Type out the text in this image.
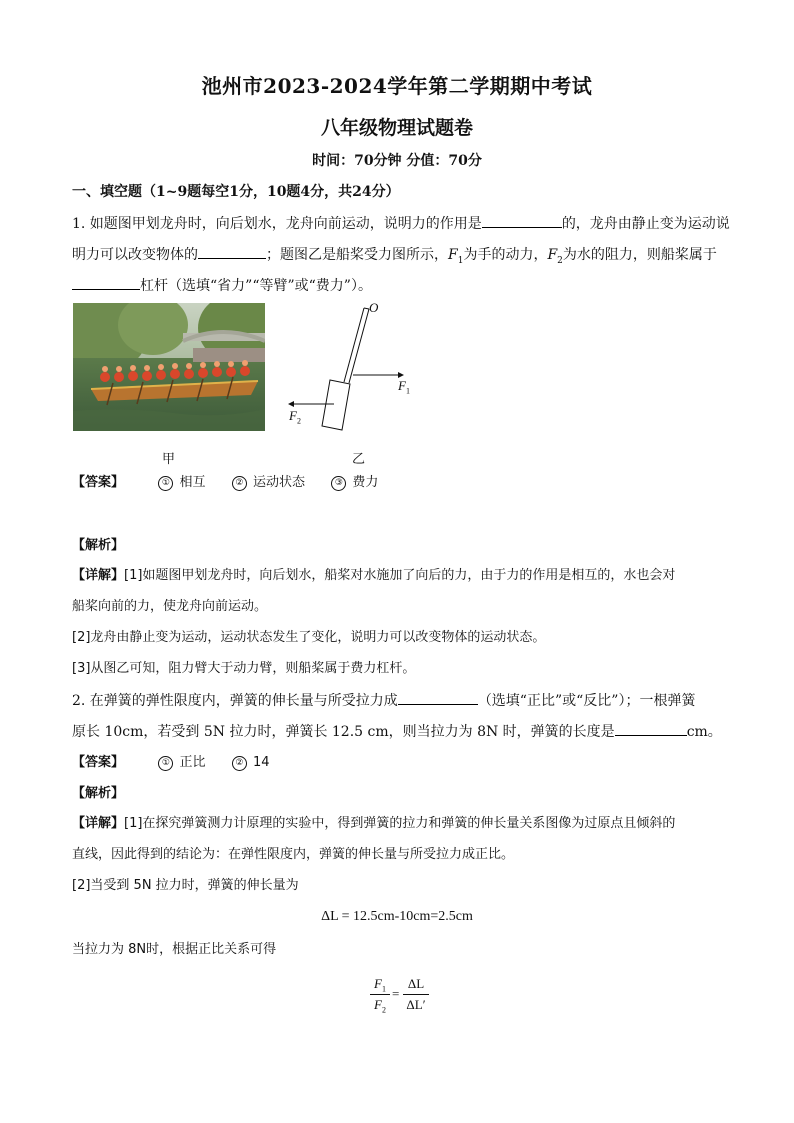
池州市2023-2024学年第二学期期中考试
八年级物理试题卷
时间：70分钟 分值：70分
一、填空题（1~9题每空1分，10题4分，共24分）
1. 如题图甲划龙舟时，向后划水，龙舟向前运动，说明力的作用是	的，龙舟由静止变为运动说
明力可以改变物体的	；题图乙是船桨受力图所示，$F_1$为手的动力，$F_2$为水的阻力，则船桨属于
杠杆（选填“省力”“等臂”或“费力”）。
O
$F_1$
$F_2$
甲	乙
【答案】	① 相互	② 运动状态	③ 费力
【解析】
【详解】[1]如题图甲划龙舟时，向后划水，船桨对水施加了向后的力，由于力的作用是相互的，水也会对
船桨向前的力，使龙舟向前运动。
[2]龙舟由静止变为运动，运动状态发生了变化，说明力可以改变物体的运动状态。
[3]从图乙可知，阻力臂大于动力臂，则船桨属于费力杠杆。
2. 在弹簧的弹性限度内，弹簧的伸长量与所受拉力成	（选填“正比”或“反比”）；一根弹簧
原长 10cm，若受到 5N 拉力时，弹簧长 12.5 cm，则当拉力为 8N 时，弹簧的长度是	cm。
【答案】	① 正比	② 14
【解析】
【详解】[1]在探究弹簧测力计原理的实验中，得到弹簧的拉力和弹簧的伸长量关系图像为过原点且倾斜的
直线，因此得到的结论为：在弹性限度内，弹簧的伸长量与所受拉力成正比。
[2]当受到 5N 拉力时，弹簧的伸长量为
ΔL = 12.5cm-10cm=2.5cm
当拉力为 8N时，根据正比关系可得
$F_1$
$F_2$
=
ΔL
ΔL′
